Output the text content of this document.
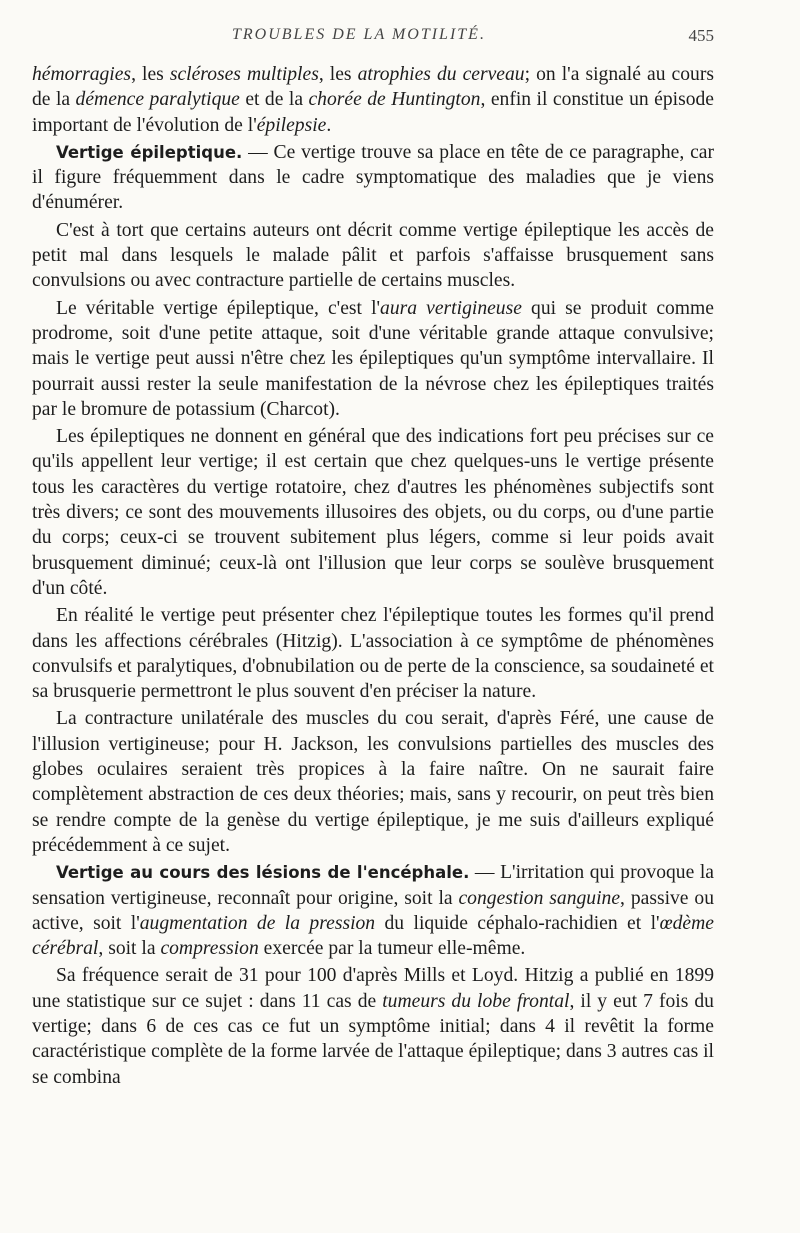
TROUBLES DE LA MOTILITÉ.	455

hémorragies, les scléroses multiples, les atrophies du cerveau; on l'a signalé au cours de la démence paralytique et de la chorée de Huntington, enfin il constitue un épisode important de l'évolution de l'épilepsie.

Vertige épileptique. — Ce vertige trouve sa place en tête de ce paragraphe, car il figure fréquemment dans le cadre symptomatique des maladies que je viens d'énumérer.

C'est à tort que certains auteurs ont décrit comme vertige épileptique les accès de petit mal dans lesquels le malade pâlit et parfois s'affaisse brusquement sans convulsions ou avec contracture partielle de certains muscles.

Le véritable vertige épileptique, c'est l'aura vertigineuse qui se produit comme prodrome, soit d'une petite attaque, soit d'une véritable grande attaque convulsive; mais le vertige peut aussi n'être chez les épileptiques qu'un symptôme intervallaire. Il pourrait aussi rester la seule manifestation de la névrose chez les épileptiques traités par le bromure de potassium (Charcot).

Les épileptiques ne donnent en général que des indications fort peu précises sur ce qu'ils appellent leur vertige; il est certain que chez quelques-uns le vertige présente tous les caractères du vertige rotatoire, chez d'autres les phénomènes subjectifs sont très divers; ce sont des mouvements illusoires des objets, ou du corps, ou d'une partie du corps; ceux-ci se trouvent subitement plus légers, comme si leur poids avait brusquement diminué; ceux-là ont l'illusion que leur corps se soulève brusquement d'un côté.

En réalité le vertige peut présenter chez l'épileptique toutes les formes qu'il prend dans les affections cérébrales (Hitzig). L'association à ce symptôme de phénomènes convulsifs et paralytiques, d'obnubilation ou de perte de la conscience, sa soudaineté et sa brusquerie permettront le plus souvent d'en préciser la nature.

La contracture unilatérale des muscles du cou serait, d'après Féré, une cause de l'illusion vertigineuse; pour H. Jackson, les convulsions partielles des muscles des globes oculaires seraient très propices à la faire naître. On ne saurait faire complètement abstraction de ces deux théories; mais, sans y recourir, on peut très bien se rendre compte de la genèse du vertige épileptique, je me suis d'ailleurs expliqué précédemment à ce sujet.

Vertige au cours des lésions de l'encéphale. — L'irritation qui provoque la sensation vertigineuse, reconnaît pour origine, soit la congestion sanguine, passive ou active, soit l'augmentation de la pression du liquide céphalo-rachidien et l'œdème cérébral, soit la compression exercée par la tumeur elle-même.

Sa fréquence serait de 31 pour 100 d'après Mills et Loyd. Hitzig a publié en 1899 une statistique sur ce sujet : dans 11 cas de tumeurs du lobe frontal, il y eut 7 fois du vertige; dans 6 de ces cas ce fut un symptôme initial; dans 4 il revêtit la forme caractéristique complète de la forme larvée de l'attaque épileptique; dans 3 autres cas il se combina
